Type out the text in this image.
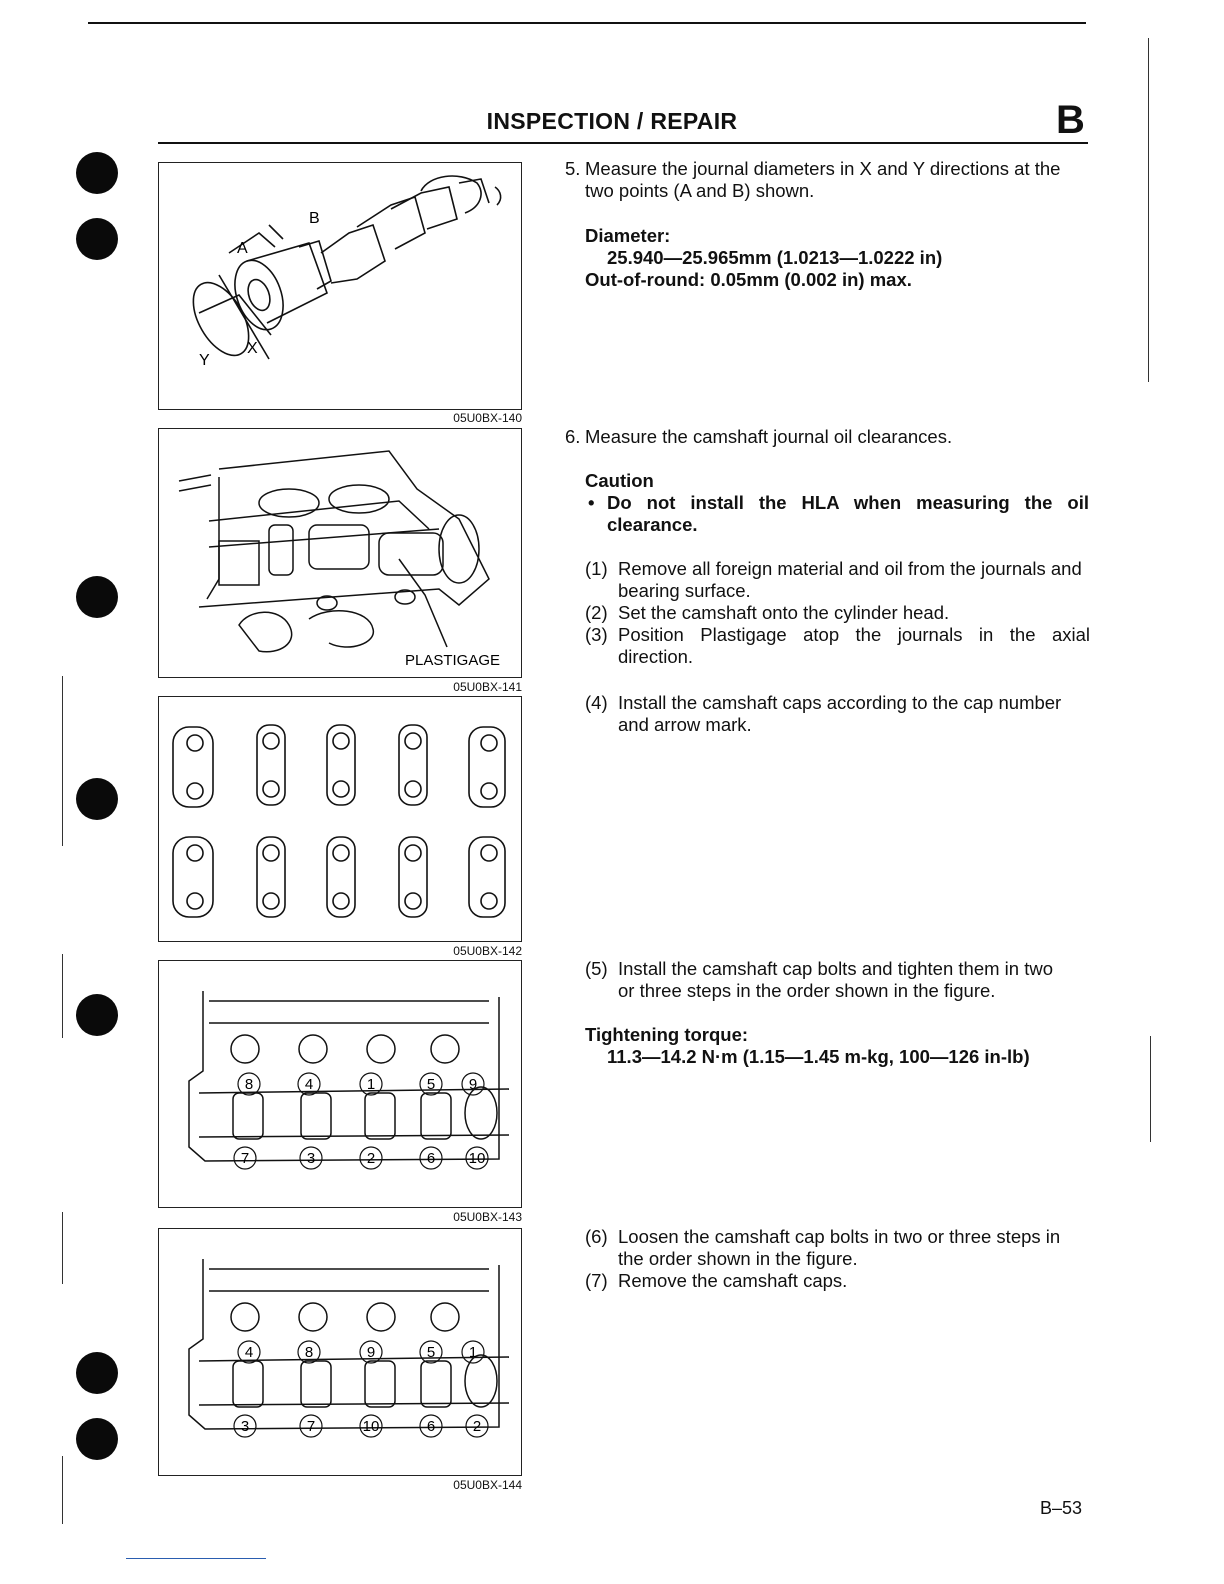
INSPECTION / REPAIR	B
A
B
X
Y
05U0BX-140
PLASTIGAGE
05U0BX-141
05U0BX-142
8	4	1	5 9
7	3	2	6 10
05U0BX-143
4	8	9	5 1
3	7	10	6	2
05U0BX-144
5. Measure the journal diameters in X and Y directions at the
two points (A and B) shown.
Diameter:
25.940—25.965mm (1.0213—1.0222 in)
Out-of-round: 0.05mm (0.002 in) max.
6. Measure the camshaft journal oil clearances.
Caution
• Do not install the HLA when measuring the oil
clearance.
(1) Remove all foreign material and oil from the journals and
bearing surface.
(2) Set the camshaft onto the cylinder head.
(3) Position Plastigage atop the journals in the axial
direction.
(4) Install the camshaft caps according to the cap number
and arrow mark.
(5) Install the camshaft cap bolts and tighten them in two
or three steps in the order shown in the figure.
Tightening torque:
11.3—14.2 N·m (1.15—1.45 m-kg, 100—126 in-lb)
(6) Loosen the camshaft cap bolts in two or three steps in
the order shown in the figure.
(7) Remove the camshaft caps.
B–53
